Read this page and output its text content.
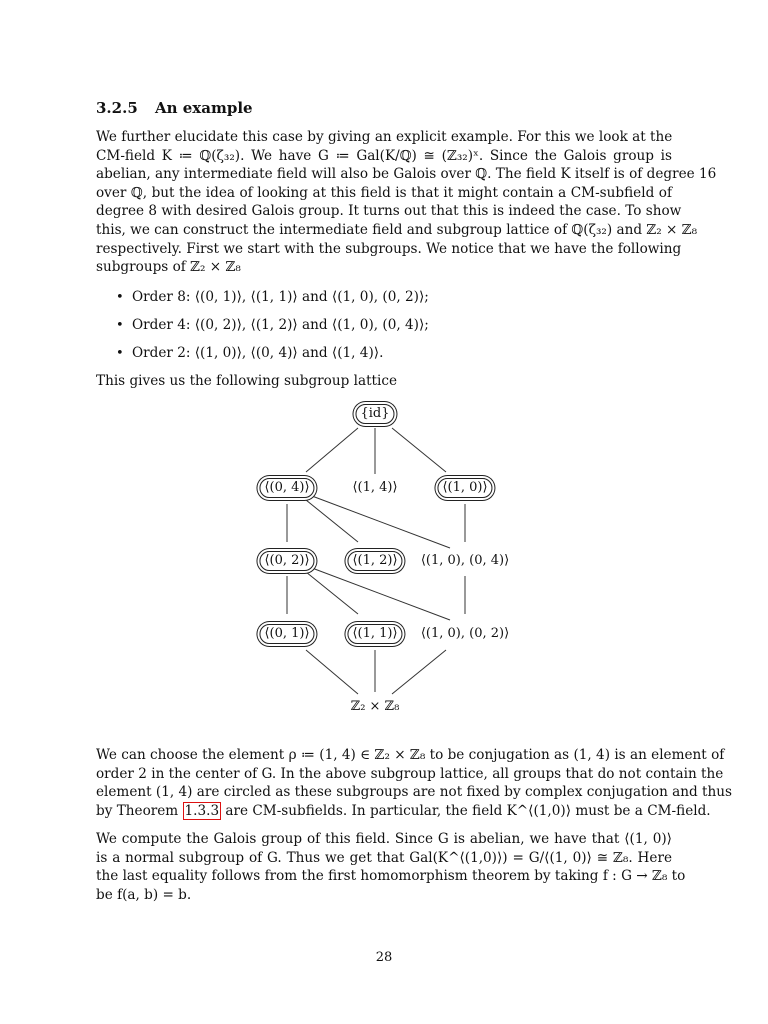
3.2.5 An example

We further elucidate this case by giving an explicit example. For this we look at the
CM-field K ≔ ℚ(ζ₃₂). We have G ≔ Gal(K/ℚ) ≅ (ℤ₃₂)ˣ. Since the Galois group is
abelian, any intermediate field will also be Galois over ℚ. The field K itself is of degree 16
over ℚ, but the idea of looking at this field is that it might contain a CM-subfield of
degree 8 with desired Galois group. It turns out that this is indeed the case. To show
this, we can construct the intermediate field and subgroup lattice of ℚ(ζ₃₂) and ℤ₂ × ℤ₈
respectively. First we start with the subgroups. We notice that we have the following
subgroups of ℤ₂ × ℤ₈

• Order 8: ⟨(0, 1)⟩, ⟨(1, 1)⟩ and ⟨(1, 0), (0, 2)⟩;
• Order 4: ⟨(0, 2)⟩, ⟨(1, 2)⟩ and ⟨(1, 0), (0, 4)⟩;
• Order 2: ⟨(1, 0)⟩, ⟨(0, 4)⟩ and ⟨(1, 4)⟩.

This gives us the following subgroup lattice

{id}
⟨(0, 4)⟩	⟨(1, 4)⟩	⟨(1, 0)⟩
⟨(0, 2)⟩	⟨(1, 2)⟩	⟨(1, 0), (0, 4)⟩
⟨(0, 1)⟩	⟨(1, 1)⟩	⟨(1, 0), (0, 2)⟩
ℤ₂ × ℤ₈

We can choose the element ρ ≔ (1, 4) ∈ ℤ₂ × ℤ₈ to be conjugation as (1, 4) is an element of
order 2 in the center of G. In the above subgroup lattice, all groups that do not contain the
element (1, 4) are circled as these subgroups are not fixed by complex conjugation and thus
by Theorem 1.3.3 are CM-subfields. In particular, the field K^⟨(1,0)⟩ must be a CM-field.

We compute the Galois group of this field. Since G is abelian, we have that ⟨(1, 0)⟩
is a normal subgroup of G. Thus we get that Gal(K^⟨(1,0)⟩) = G/⟨(1, 0)⟩ ≅ ℤ₈. Here
the last equality follows from the first homomorphism theorem by taking f : G → ℤ₈ to
be f(a, b) = b.

28
